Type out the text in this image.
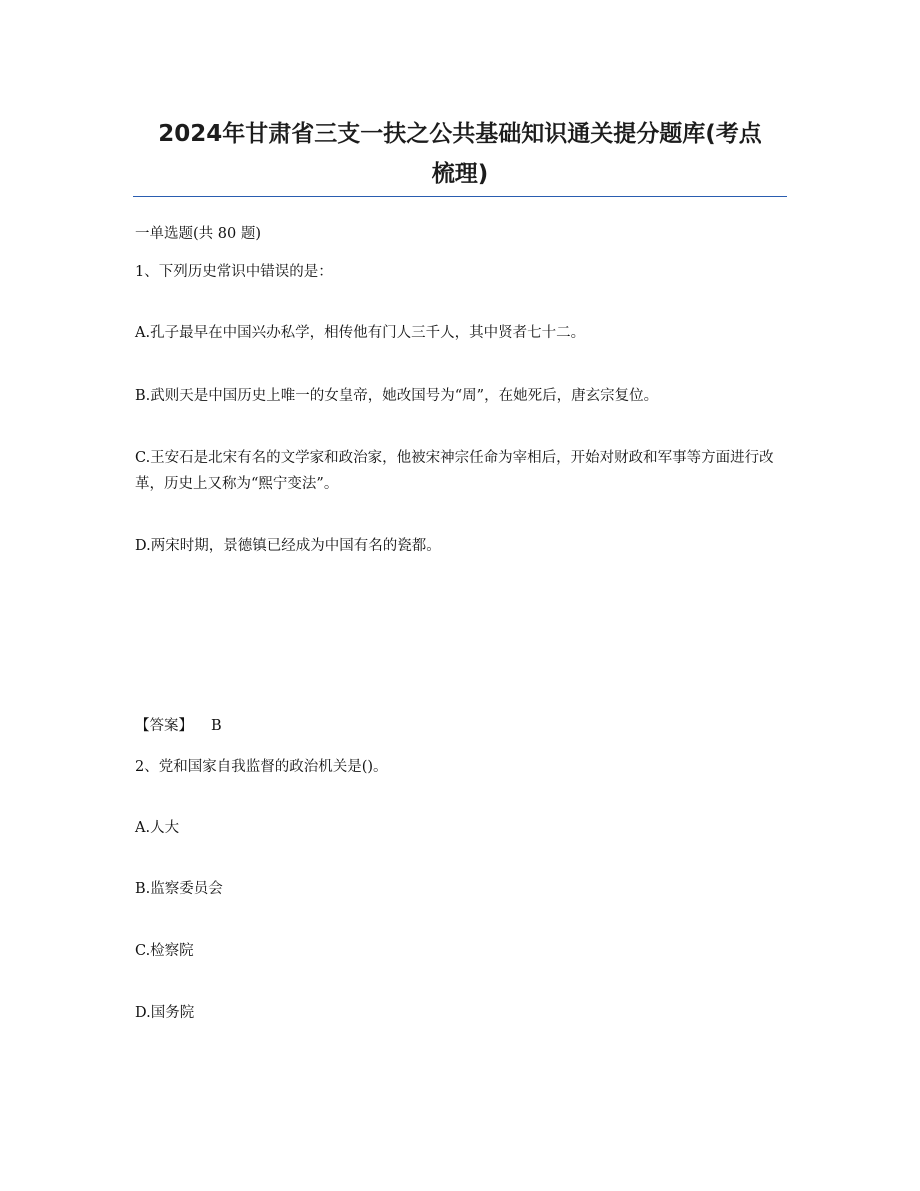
2024年甘肃省三支一扶之公共基础知识通关提分题库(考点
梳理)

一单选题(共 80 题)

1、下列历史常识中错误的是：

A.孔子最早在中国兴办私学，相传他有门人三千人，其中贤者七十二。

B.武则天是中国历史上唯一的女皇帝，她改国号为“周”，在她死后，唐玄宗复位。

C.王安石是北宋有名的文学家和政治家，他被宋神宗任命为宰相后，开始对财政和军事等方面进行改革，历史上又称为“熙宁变法”。

D.两宋时期，景德镇已经成为中国有名的瓷都。

【答案】 B

2、党和国家自我监督的政治机关是()。

A.人大

B.监察委员会

C.检察院

D.国务院
